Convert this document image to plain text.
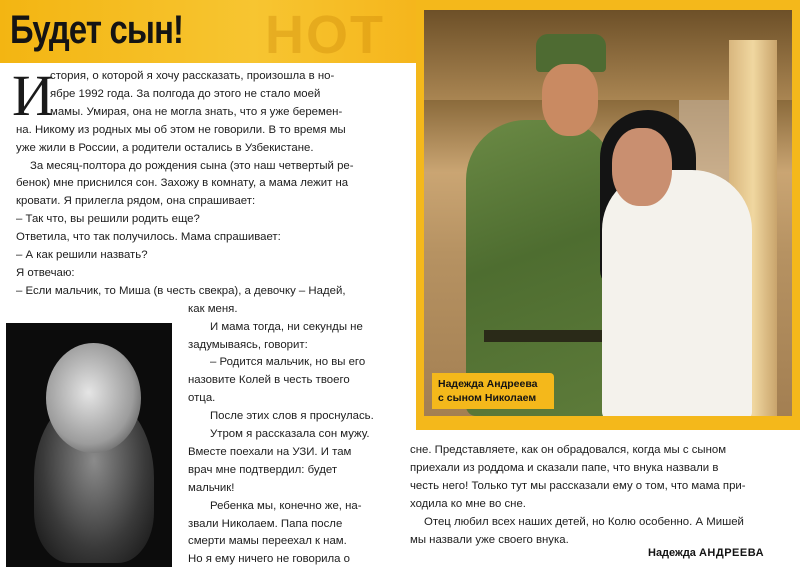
HOT
Будет сын!
Надежда Андреева
с сыном Николаем
И

стория, о которой я хочу рассказать, произошла в но-

ябре 1992 года. За полгода до этого не стало моей

мамы. Умирая, она не могла знать, что я уже беремен-

на. Никому из родных мы об этом не говорили. В то время мы

уже жили в России, а родители остались в Узбекистане.

За месяц-полтора до рождения сына (это наш четвертый ре-

бенок) мне приснился сон. Захожу в комнату, а мама лежит на

кровати. Я прилегла рядом, она спрашивает:

– Так что, вы решили родить еще?

Ответила, что так получилось. Мама спрашивает:

– А как решили назвать?

Я отвечаю:

– Если мальчик, то Миша (в честь свекра), а девочку – Надей,

как меня.

И мама тогда, ни секунды не

задумываясь, говорит:

– Родится мальчик, но вы его

назовите Колей в честь твоего

отца.

После этих слов я проснулась.

Утром я рассказала сон мужу.

Вместе поехали на УЗИ. И там

врач мне подтвердил: будет

мальчик!

Ребенка мы, конечно же, на-

звали Николаем. Папа после

смерти мамы переехал к нам.

Но я ему ничего не говорила о

сне. Представляете, как он обрадовался, когда мы с сыном

приехали из роддома и сказали папе, что внука назвали в

честь него! Только тут мы рассказали ему о том, что мама при-

ходила ко мне во сне.

Отец любил всех наших детей, но Колю особенно. А Мишей

мы назвали уже своего внука.

Надежда АНДРЕЕВА
